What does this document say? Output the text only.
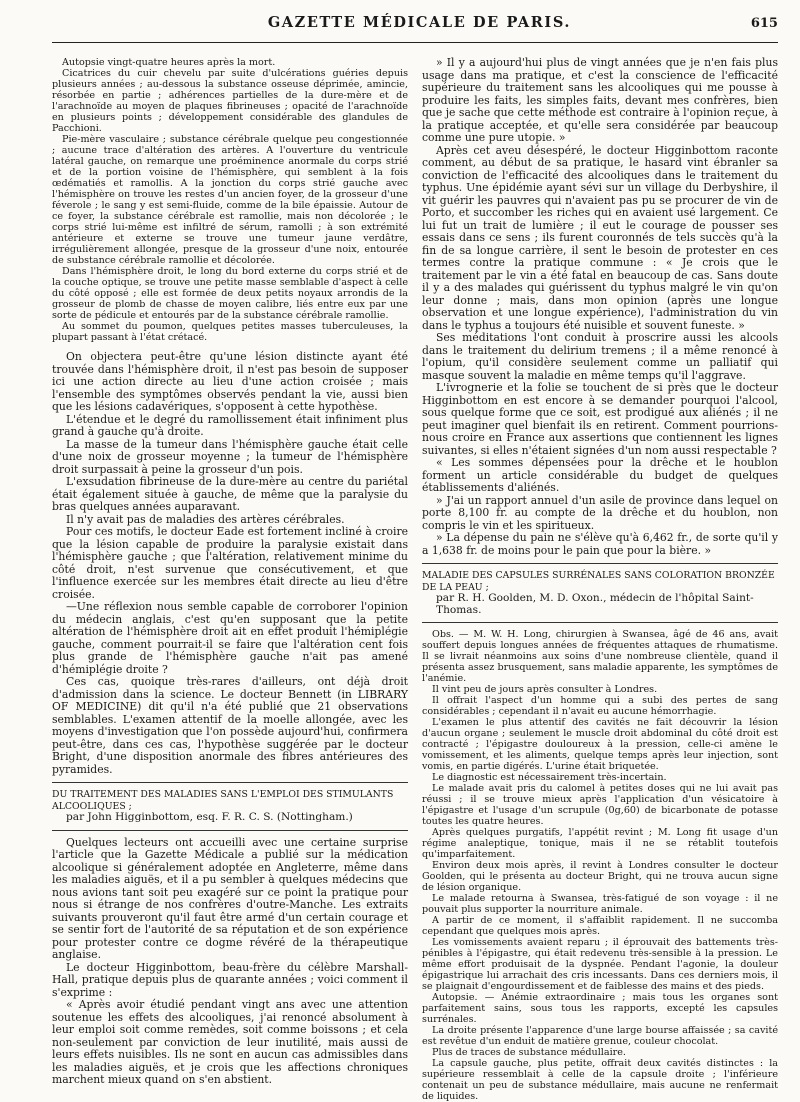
GAZETTE MÉDICALE DE PARIS.	615

Autopsie vingt-quatre heures après la mort.

Cicatrices du cuir chevelu par suite d'ulcérations guéries depuis plusieurs années ; au-dessous la substance osseuse déprimée, amincie, résorbée en partie ; adhérences partielles de la dure-mère et de l'arachnoïde au moyen de plaques fibrineuses ; opacité de l'arachnoïde en plusieurs points ; développement considérable des glandules de Pacchioni.

Pie-mère vasculaire ; substance cérébrale quelque peu congestionnée ; aucune trace d'altération des artères. A l'ouverture du ventricule latéral gauche, on remarque une proéminence anormale du corps strié et de la portion voisine de l'hémisphère, qui semblent à la fois œdématiés et ramollis. A la jonction du corps strié gauche avec l'hémisphère on trouve les restes d'un ancien foyer, de la grosseur d'une féverole ; le sang y est semi-fluide, comme de la bile épaissie. Autour de ce foyer, la substance cérébrale est ramollie, mais non décolorée ; le corps strié lui-même est infiltré de sérum, ramolli ; à son extrémité antérieure et externe se trouve une tumeur jaune verdâtre, irrégulièrement allongée, presque de la grosseur d'une noix, entourée de substance cérébrale ramollie et décolorée.

Dans l'hémisphère droit, le long du bord externe du corps strié et de la couche optique, se trouve une petite masse semblable d'aspect à celle du côté opposé ; elle est formée de deux petits noyaux arrondis de la grosseur de plomb de chasse de moyen calibre, liés entre eux par une sorte de pédicule et entourés par de la substance cérébrale ramollie.

Au sommet du poumon, quelques petites masses tuberculeuses, la plupart passant à l'état crétacé.

On objectera peut-être qu'une lésion distincte ayant été trouvée dans l'hémisphère droit, il n'est pas besoin de supposer ici une action directe au lieu d'une action croisée ; mais l'ensemble des symptômes observés pendant la vie, aussi bien que les lésions cadavériques, s'opposent à cette hypothèse.

L'étendue et le degré du ramollissement était infiniment plus grand à gauche qu'à droite.

La masse de la tumeur dans l'hémisphère gauche était celle d'une noix de grosseur moyenne ; la tumeur de l'hémisphère droit surpassait à peine la grosseur d'un pois.

L'exsudation fibrineuse de la dure-mère au centre du pariétal était également située à gauche, de même que la paralysie du bras quelques années auparavant.

Il n'y avait pas de maladies des artères cérébrales.

Pour ces motifs, le docteur Eade est fortement incliné à croire que la lésion capable de produire la paralysie existait dans l'hémisphère gauche ; que l'altération, relativement minime du côté droit, n'est survenue que consécutivement, et que l'influence exercée sur les membres était directe au lieu d'être croisée.

—Une réflexion nous semble capable de corroborer l'opinion du médecin anglais, c'est qu'en supposant que la petite altération de l'hémisphère droit ait en effet produit l'hémiplégie gauche, comment pourrait-il se faire que l'altération cent fois plus grande de l'hémisphère gauche n'ait pas amené d'hémiplégie droite ?

Ces cas, quoique très-rares d'ailleurs, ont déjà droit d'admission dans la science. Le docteur Bennett (in LIBRARY OF MEDICINE) dit qu'il n'a été publié que 21 observations semblables. L'examen attentif de la moelle allongée, avec les moyens d'investigation que l'on possède aujourd'hui, confirmera peut-être, dans ces cas, l'hypothèse suggérée par le docteur Bright, d'une disposition anormale des fibres antérieures des pyramides.

DU TRAITEMENT DES MALADIES SANS L'EMPLOI DES STIMULANTS ALCOOLIQUES ;
par John Higginbottom, esq. F. R. C. S. (Nottingham.)

Quelques lecteurs ont accueilli avec une certaine surprise l'article que la Gazette Médicale a publié sur la médication alcoolique si généralement adoptée en Angleterre, même dans les maladies aiguës, et il a pu sembler à quelques médecins que nous avions tant soit peu exagéré sur ce point la pratique pour nous si étrange de nos confrères d'outre-Manche. Les extraits suivants prouveront qu'il faut être armé d'un certain courage et se sentir fort de l'autorité de sa réputation et de son expérience pour protester contre ce dogme révéré de la thérapeutique anglaise.

Le docteur Higginbottom, beau-frère du célèbre Marshall-Hall, pratique depuis plus de quarante années ; voici comment il s'exprime :

« Après avoir étudié pendant vingt ans avec une attention soutenue les effets des alcooliques, j'ai renoncé absolument à leur emploi soit comme remèdes, soit comme boissons ; et cela non-seulement par conviction de leur inutilité, mais aussi de leurs effets nuisibles. Ils ne sont en aucun cas admissibles dans les maladies aiguës, et je crois que les affections chroniques marchent mieux quand on s'en abstient.

» Il y a aujourd'hui plus de vingt années que je n'en fais plus usage dans ma pratique, et c'est la conscience de l'efficacité supérieure du traitement sans les alcooliques qui me pousse à produire les faits, les simples faits, devant mes confrères, bien que je sache que cette méthode est contraire à l'opinion reçue, à la pratique acceptée, et qu'elle sera considérée par beaucoup comme une pure utopie. »

Après cet aveu désespéré, le docteur Higginbottom raconte comment, au début de sa pratique, le hasard vint ébranler sa conviction de l'efficacité des alcooliques dans le traitement du typhus. Une épidémie ayant sévi sur un village du Derbyshire, il vit guérir les pauvres qui n'avaient pas pu se procurer de vin de Porto, et succomber les riches qui en avaient usé largement. Ce lui fut un trait de lumière ; il eut le courage de pousser ses essais dans ce sens ; ils furent couronnés de tels succès qu'à la fin de sa longue carrière, il sent le besoin de protester en ces termes contre la pratique commune : « Je crois que le traitement par le vin a été fatal en beaucoup de cas. Sans doute il y a des malades qui guérissent du typhus malgré le vin qu'on leur donne ; mais, dans mon opinion (après une longue observation et une longue expérience), l'administration du vin dans le typhus a toujours été nuisible et souvent funeste. »

Ses méditations l'ont conduit à proscrire aussi les alcools dans le traitement du delirium tremens ; il a même renoncé à l'opium, qu'il considère seulement comme un palliatif qui masque souvent la maladie en même temps qu'il l'aggrave.

L'ivrognerie et la folie se touchent de si près que le docteur Higginbottom en est encore à se demander pourquoi l'alcool, sous quelque forme que ce soit, est prodigué aux aliénés ; il ne peut imaginer quel bienfait ils en retirent. Comment pourrions-nous croire en France aux assertions que contiennent les lignes suivantes, si elles n'étaient signées d'un nom aussi respectable ?

« Les sommes dépensées pour la drêche et le houblon forment un article considérable du budget de quelques établissements d'aliénés.

» J'ai un rapport annuel d'un asile de province dans lequel on porte 8,100 fr. au compte de la drêche et du houblon, non compris le vin et les spiritueux.

» La dépense du pain ne s'élève qu'à 6,462 fr., de sorte qu'il y a 1,638 fr. de moins pour le pain que pour la bière. »

MALADIE DES CAPSULES SURRÉNALES SANS COLORATION BRONZÉE DE LA PEAU ;
par R. H. Goolden, M. D. Oxon., médecin de l'hôpital Saint-Thomas.

Obs. — M. W. H. Long, chirurgien à Swansea, âgé de 46 ans, avait souffert depuis longues années de fréquentes attaques de rhumatisme. Il se livrait néanmoins aux soins d'une nombreuse clientèle, quand il présenta assez brusquement, sans maladie apparente, les symptômes de l'anémie.

Il vint peu de jours après consulter à Londres.

Il offrait l'aspect d'un homme qui a subi des pertes de sang considérables ; cependant il n'avait eu aucune hémorrhagie.

L'examen le plus attentif des cavités ne fait découvrir la lésion d'aucun organe ; seulement le muscle droit abdominal du côté droit est contracté ; l'épigastre douloureux à la pression, celle-ci amène le vomissement, et les aliments, quelque temps après leur injection, sont vomis, en partie digérés. L'urine était briquetée.

Le diagnostic est nécessairement très-incertain.

Le malade avait pris du calomel à petites doses qui ne lui avait pas réussi ; il se trouve mieux après l'application d'un vésicatoire à l'épigastre et l'usage d'un scrupule (0g,60) de bicarbonate de potasse toutes les quatre heures.

Après quelques purgatifs, l'appétit revint ; M. Long fit usage d'un régime analeptique, tonique, mais il ne se rétablit toutefois qu'imparfaitement.

Environ deux mois après, il revint à Londres consulter le docteur Goolden, qui le présenta au docteur Bright, qui ne trouva aucun signe de lésion organique.

Le malade retourna à Swansea, très-fatigué de son voyage : il ne pouvait plus supporter la nourriture animale.

A partir de ce moment, il s'affaiblit rapidement. Il ne succomba cependant que quelques mois après.

Les vomissements avaient reparu ; il éprouvait des battements très-pénibles à l'épigastre, qui était redevenu très-sensible à la pression. Le même effort produisait de la dyspnée. Pendant l'agonie, la douleur épigastrique lui arrachait des cris incessants. Dans ces derniers mois, il se plaignait d'engourdissement et de faiblesse des mains et des pieds.

Autopsie. — Anémie extraordinaire ; mais tous les organes sont parfaitement sains, sous tous les rapports, excepté les capsules surrénales.

La droite présente l'apparence d'une large bourse affaissée ; sa cavité est revêtue d'un enduit de matière grenue, couleur chocolat.

Plus de traces de substance médullaire.

La capsule gauche, plus petite, offrait deux cavités distinctes : la supérieure ressemblait à celle de la capsule droite ; l'inférieure contenait un peu de substance médullaire, mais aucune ne renfermait de liquides.
